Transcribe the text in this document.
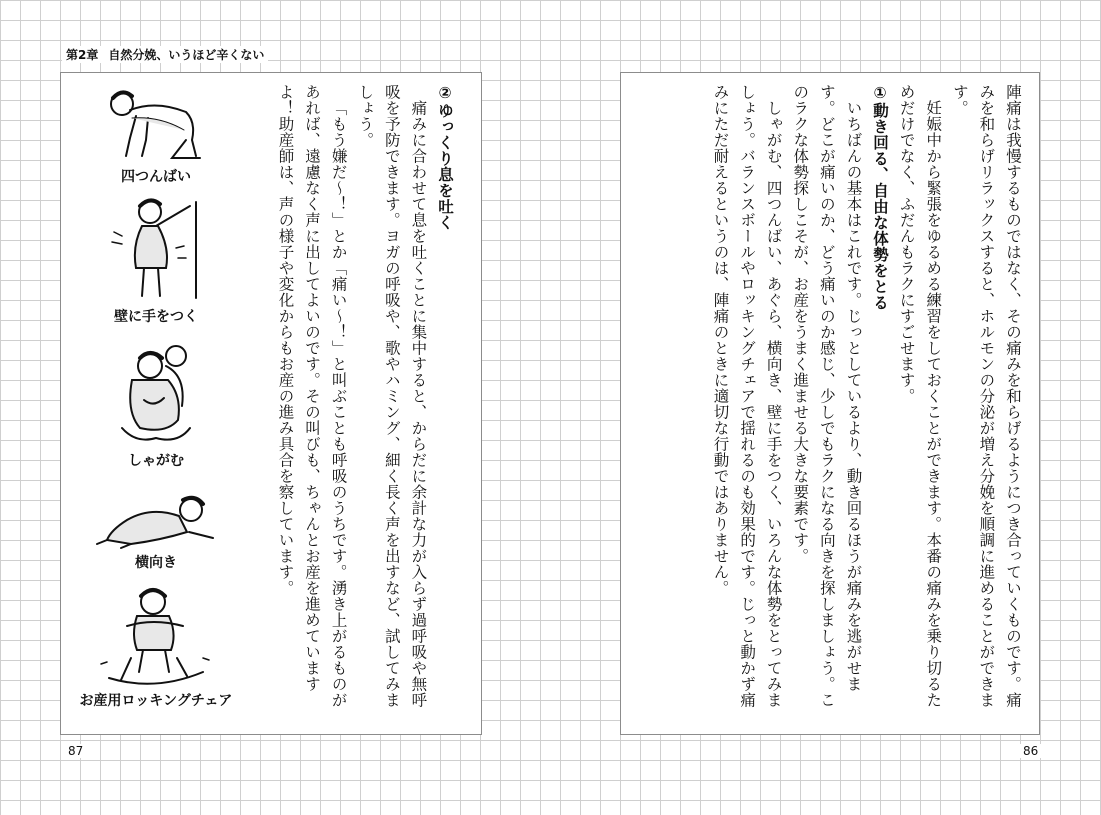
第2章 自然分娩、いうほど辛くない

陣痛は我慢するものではなく、その痛みを和らげるようにつき合っていくものです。痛みを和らげリラックスすると、ホルモンの分泌が増え分娩を順調に進めることができます。

妊娠中から緊張をゆるめる練習をしておくことができます。本番の痛みを乗り切るためだけでなく、ふだんもラクにすごせます。

①動き回る、自由な体勢をとる

いちばんの基本はこれです。じっとしているより、動き回るほうが痛みを逃がせます。どこが痛いのか、どう痛いのか感じ、少しでもラクになる向きを探しましょう。このラクな体勢探しこそが、お産をうまく進ませる大きな要素です。

しゃがむ、四つんばい、あぐら、横向き、壁に手をつく、いろんな体勢をとってみましょう。バランスボールやロッキングチェアで揺れるのも効果的です。じっと動かず痛みにただ耐えるというのは、陣痛のときに適切な行動ではありません。

②ゆっくり息を吐く

痛みに合わせて息を吐くことに集中すると、からだに余計な力が入らず過呼吸や無呼吸を予防できます。ヨガの呼吸や、歌やハミング、細く長く声を出すなど、試してみましょう。

「もう嫌だ〜！」とか「痛い〜！」と叫ぶことも呼吸のうちです。湧き上がるものがあれば、遠慮なく声に出してよいのです。その叫びも、ちゃんとお産を進めていますよ！助産師は、声の様子や変化からもお産の進み具合を察しています。

四つんばい
壁に手をつく
しゃがむ
横向き
お産用ロッキングチェア
87	86
